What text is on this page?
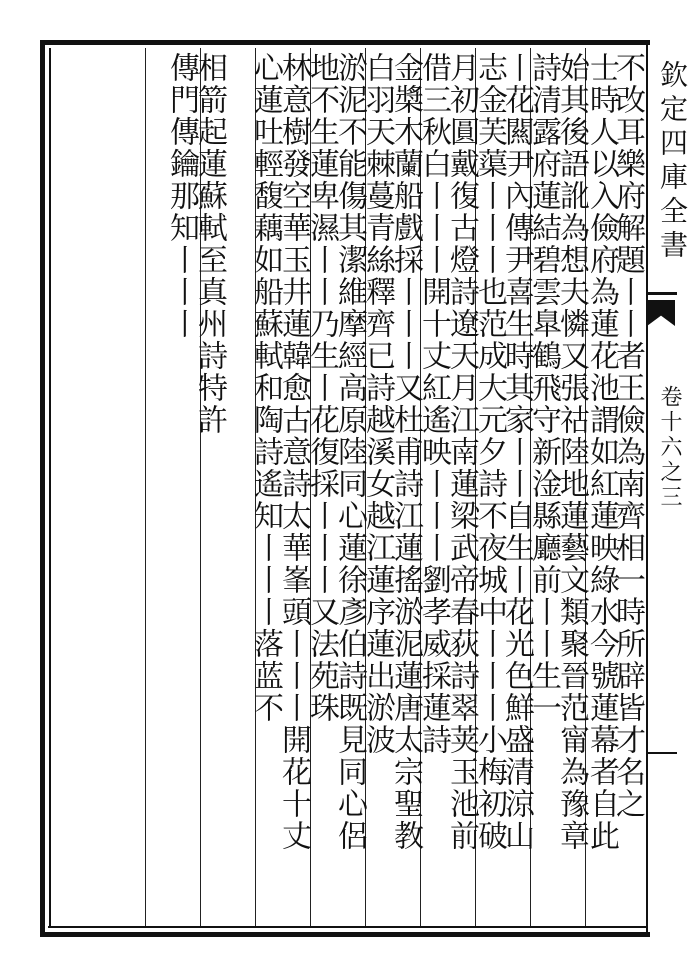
欽定四庫全書
卷十六之三
不改耳樂府解題丨丨者王儉為南齊相一時所辟皆才名之
士時人以入儉府為蓮花池謂如紅蓮映綠水今號蓮幕者自此
始其後語訛為想夫憐又張祜陸地蓮藝文類聚晉范甯為豫章
詩清露府蓮結碧雲臯鶴飛守新淦縣廳前丨丨生一
丨花闗尹內傳尹喜生時其家丨丨自生丨花光色鮮盛清涼山
志金芙蕖丨丨丨也范成大元夕詩不夜城中丨丨丨小梅初破
月初圓戴復古燈詩遼天月江南蓮梁武帝春荻詩翠荚玉池前
借三秋白丨丨丨開十丈紅遙映丨丨丨劉孝威採蓮詩
金槳木蘭船戲採丨丨丨又杜甫詩江蓮搖淤泥蓮唐太宗聖教
白羽天棘蔓青絲釋齊已詩越溪女越江蓮序蓮出淤波
淤泥不能傷其潔維摩經高原陸同心蓮徐彥伯詩既見同心侶
地不生蓮卑濕丨丨乃生丨花復採丨丨丨又法苑珠
林意樹發空華玉井蓮韓愈古意詩太華峯頭丨丨丨開花十丈
心蓮吐輕馥藕如船蘇軾和陶詩遙知丨丨丨落蓝不
相箭起蓮蘇軾至真州詩特許
傳門傳鑰那知丨丨丨
